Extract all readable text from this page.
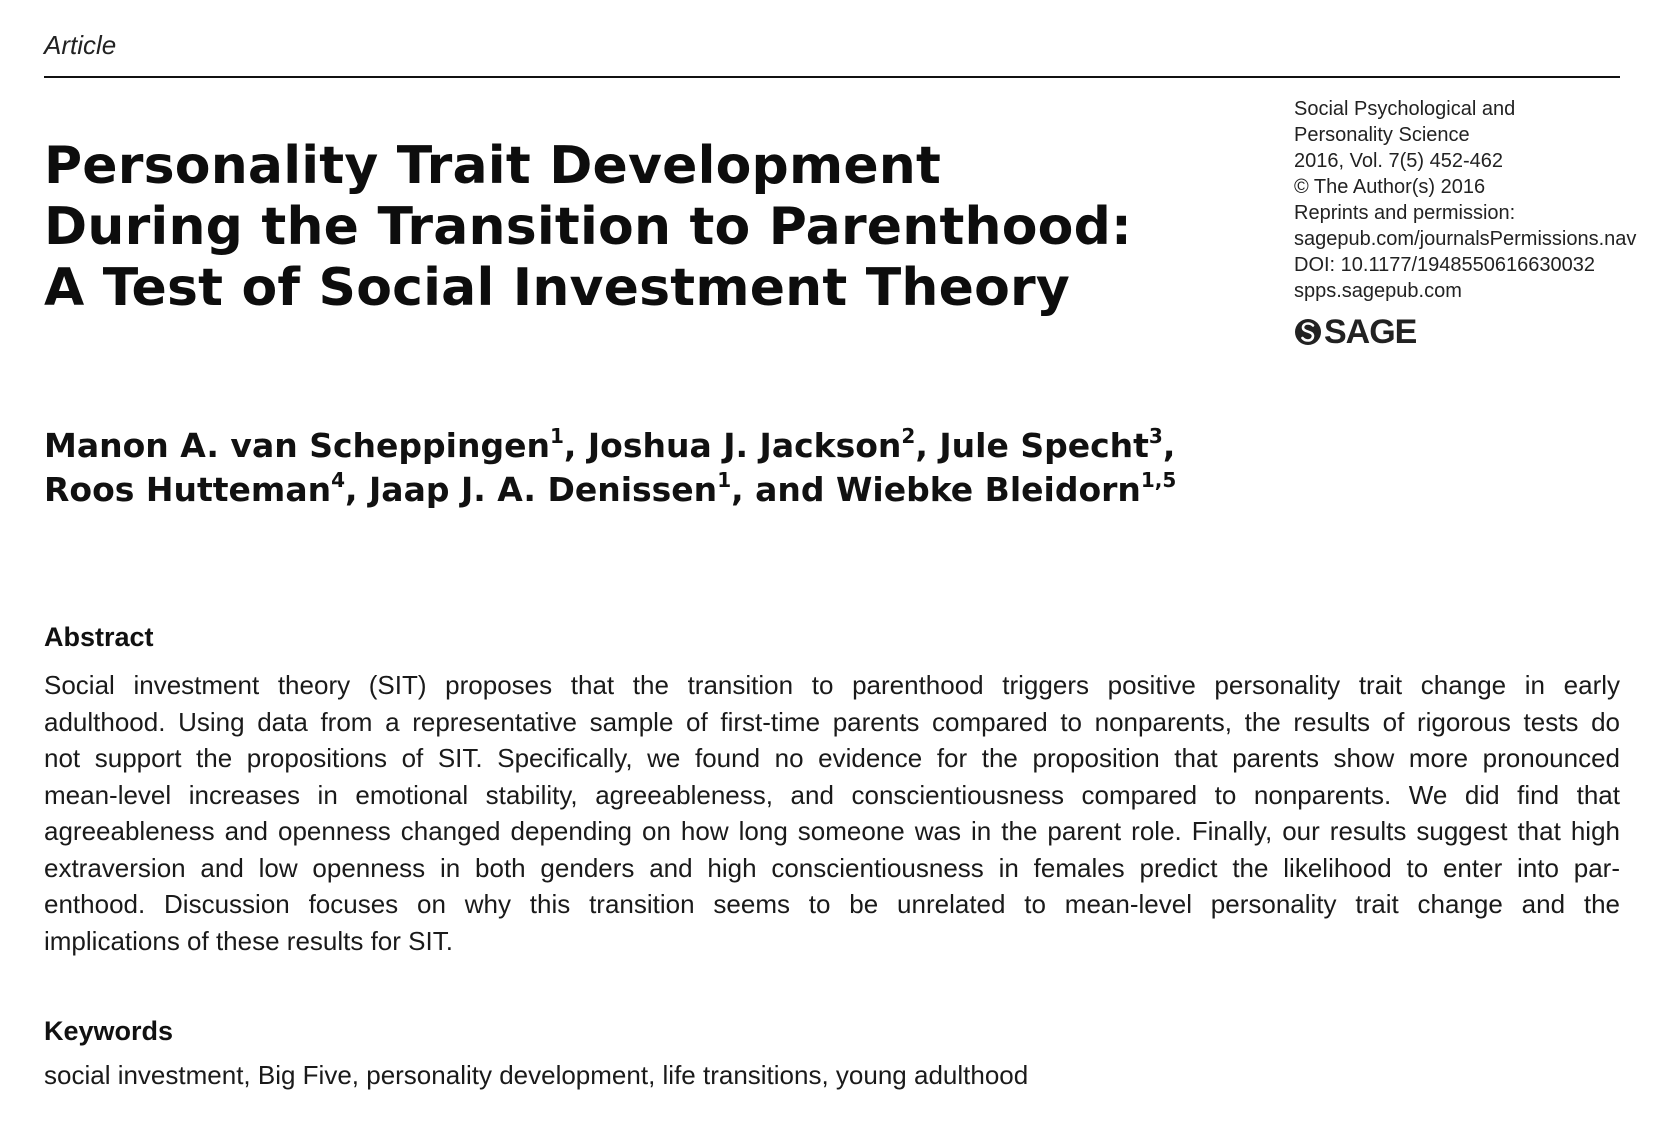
Article
Social Psychological and
Personality Science
2016, Vol. 7(5) 452-462
© The Author(s) 2016
Reprints and permission:
sagepub.com/journalsPermissions.nav
DOI: 10.1177/1948550616630032
spps.sagepub.com
SAGE
Personality Trait Development
During the Transition to Parenthood:
A Test of Social Investment Theory
Manon A. van Scheppingen$^1$, Joshua J. Jackson$^2$, Jule Specht$^3$,
Roos Hutteman$^4$, Jaap J. A. Denissen$^1$, and Wiebke Bleidorn$^{1,5}$
Abstract
Social investment theory (SIT) proposes that the transition to parenthood triggers positive personality trait change in early
adulthood. Using data from a representative sample of first-time parents compared to nonparents, the results of rigorous tests do
not support the propositions of SIT. Specifically, we found no evidence for the proposition that parents show more pronounced
mean-level increases in emotional stability, agreeableness, and conscientiousness compared to nonparents. We did find that
agreeableness and openness changed depending on how long someone was in the parent role. Finally, our results suggest that high
extraversion and low openness in both genders and high conscientiousness in females predict the likelihood to enter into par-
enthood. Discussion focuses on why this transition seems to be unrelated to mean-level personality trait change and the
implications of these results for SIT.
Keywords
social investment, Big Five, personality development, life transitions, young adulthood
